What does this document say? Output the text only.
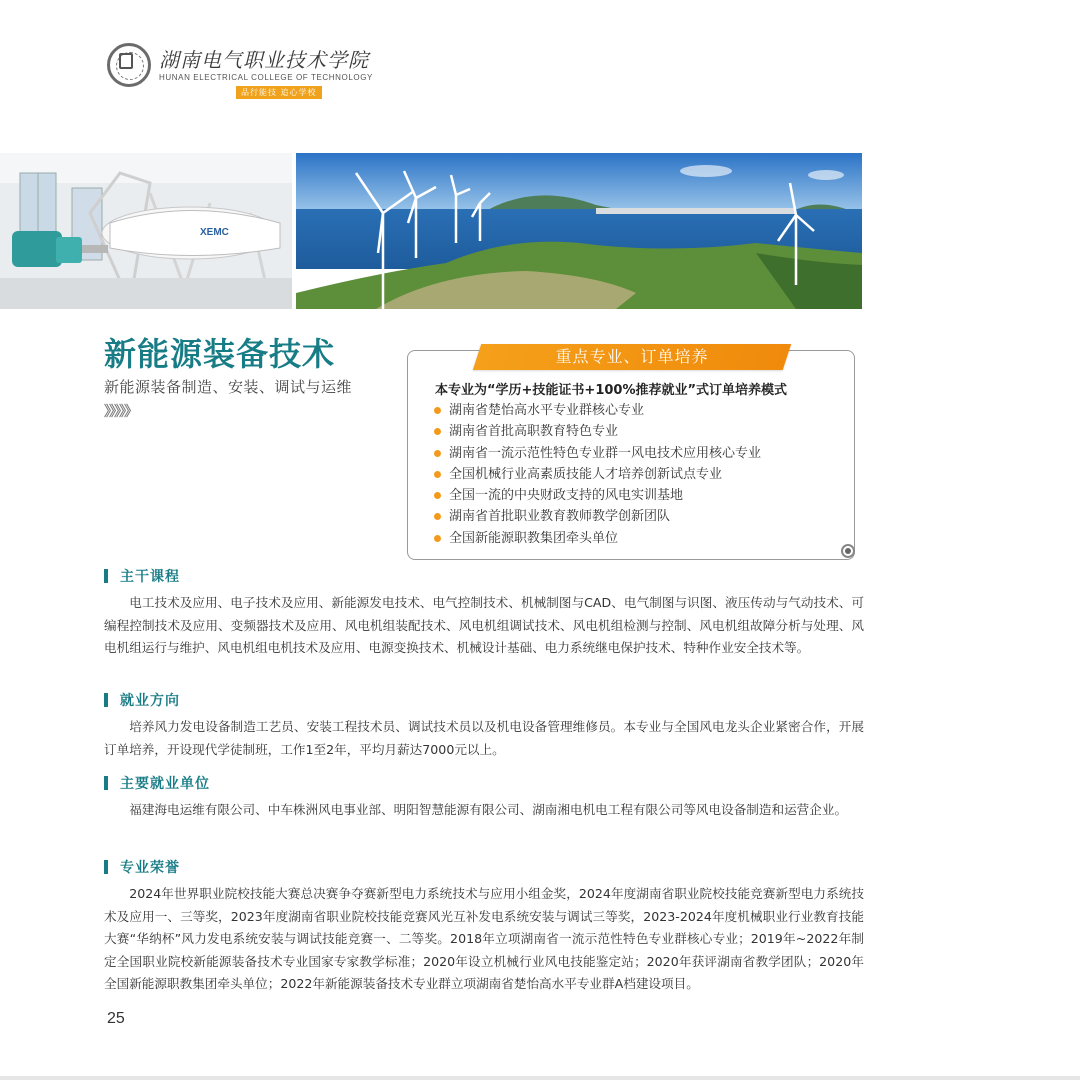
湖南电气职业技术学院
HUNAN ELECTRICAL COLLEGE OF TECHNOLOGY
品行能技 追心学校
XEMC
新能源装备技术
新能源装备制造、安装、调试与运维
》》》》》
重点专业、订单培养
本专业为“学历+技能证书+100%推荐就业”式订单培养模式
湖南省楚怡高水平专业群核心专业
湖南省首批高职教育特色专业
湖南省一流示范性特色专业群一风电技术应用核心专业
全国机械行业高素质技能人才培养创新试点专业
全国一流的中央财政支持的风电实训基地
湖南省首批职业教育教师教学创新团队
全国新能源职教集团牵头单位
主干课程

电工技术及应用、电子技术及应用、新能源发电技术、电气控制技术、机械制图与CAD、电气制图与识图、液压传动与气动技术、可编程控制技术及应用、变频器技术及应用、风电机组装配技术、风电机组调试技术、风电机组检测与控制、风电机组故障分析与处理、风电机组运行与维护、风电机组电机技术及应用、电源变换技术、机械设计基础、电力系统继电保护技术、特种作业安全技术等。

就业方向

培养风力发电设备制造工艺员、安装工程技术员、调试技术员以及机电设备管理维修员。本专业与全国风电龙头企业紧密合作，开展订单培养，开设现代学徒制班，工作1至2年，平均月薪达7000元以上。

主要就业单位

福建海电运维有限公司、中车株洲风电事业部、明阳智慧能源有限公司、湖南湘电机电工程有限公司等风电设备制造和运营企业。

专业荣誉

2024年世界职业院校技能大赛总决赛争夺赛新型电力系统技术与应用小组金奖，2024年度湖南省职业院校技能竞赛新型电力系统技术及应用一、三等奖，2023年度湖南省职业院校技能竞赛风光互补发电系统安装与调试三等奖，2023-2024年度机械职业行业教育技能大赛“华纳杯”风力发电系统安装与调试技能竞赛一、二等奖。2018年立项湖南省一流示范性特色专业群核心专业；2019年~2022年制定全国职业院校新能源装备技术专业国家专家教学标准；2020年设立机械行业风电技能鉴定站；2020年获评湖南省教学团队；2020年全国新能源职教集团牵头单位；2022年新能源装备技术专业群立项湖南省楚怡高水平专业群A档建设项目。

25
